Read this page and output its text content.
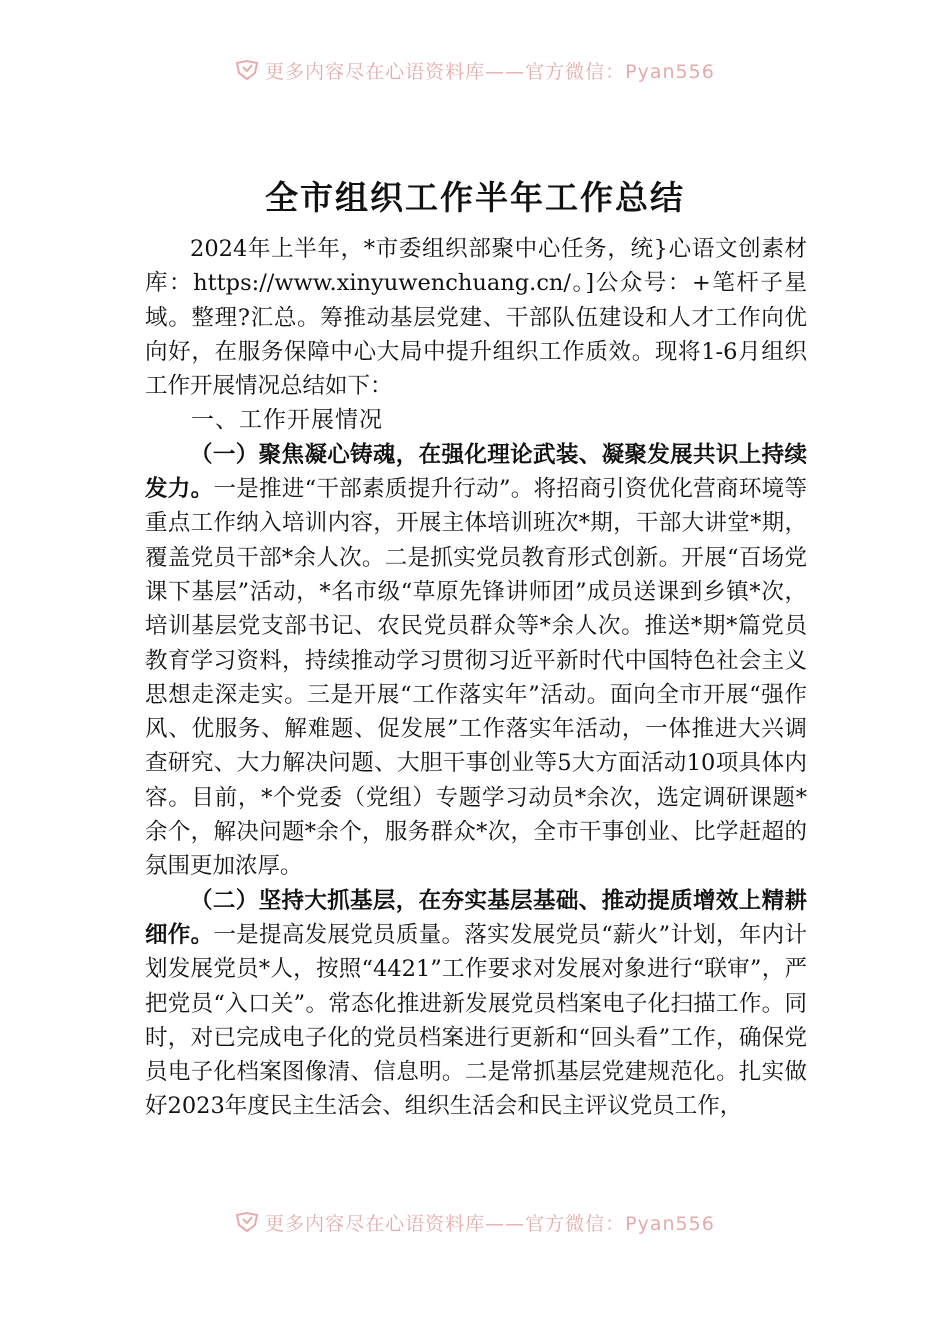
更多内容尽在心语资料库——官方微信：Pyan556
全市组织工作半年工作总结

2024年上半年，*市委组织部聚中心任务，统}心语文创素材库：https://www.xinyuwenchuang.cn/。]公众号：+笔杆子星域。整理?汇总。筹推动基层党建、干部队伍建设和人才工作向优向好，在服务保障中心大局中提升组织工作质效。现将1-6月组织工作开展情况总结如下：

一、工作开展情况

（一）聚焦凝心铸魂，在强化理论武装、凝聚发展共识上持续发力。一是推进“干部素质提升行动”。将招商引资优化营商环境等重点工作纳入培训内容，开展主体培训班次*期，干部大讲堂*期，覆盖党员干部*余人次。二是抓实党员教育形式创新。开展“百场党课下基层”活动，*名市级“草原先锋讲师团”成员送课到乡镇*次，培训基层党支部书记、农民党员群众等*余人次。推送*期*篇党员教育学习资料，持续推动学习贯彻习近平新时代中国特色社会主义思想走深走实。三是开展“工作落实年”活动。面向全市开展“强作风、优服务、解难题、促发展”工作落实年活动，一体推进大兴调查研究、大力解决问题、大胆干事创业等5大方面活动10项具体内容。目前，*个党委（党组）专题学习动员*余次，选定调研课题*余个，解决问题*余个，服务群众*次，全市干事创业、比学赶超的氛围更加浓厚。

（二）坚持大抓基层，在夯实基层基础、推动提质增效上精耕细作。一是提高发展党员质量。落实发展党员“薪火”计划，年内计划发展党员*人，按照“4421”工作要求对发展对象进行“联审”，严把党员“入口关”。常态化推进新发展党员档案电子化扫描工作。同时，对已完成电子化的党员档案进行更新和“回头看”工作，确保党员电子化档案图像清、信息明。二是常抓基层党建规范化。扎实做好2023年度民主生活会、组织生活会和民主评议党员工作，

更多内容尽在心语资料库——官方微信：Pyan556
